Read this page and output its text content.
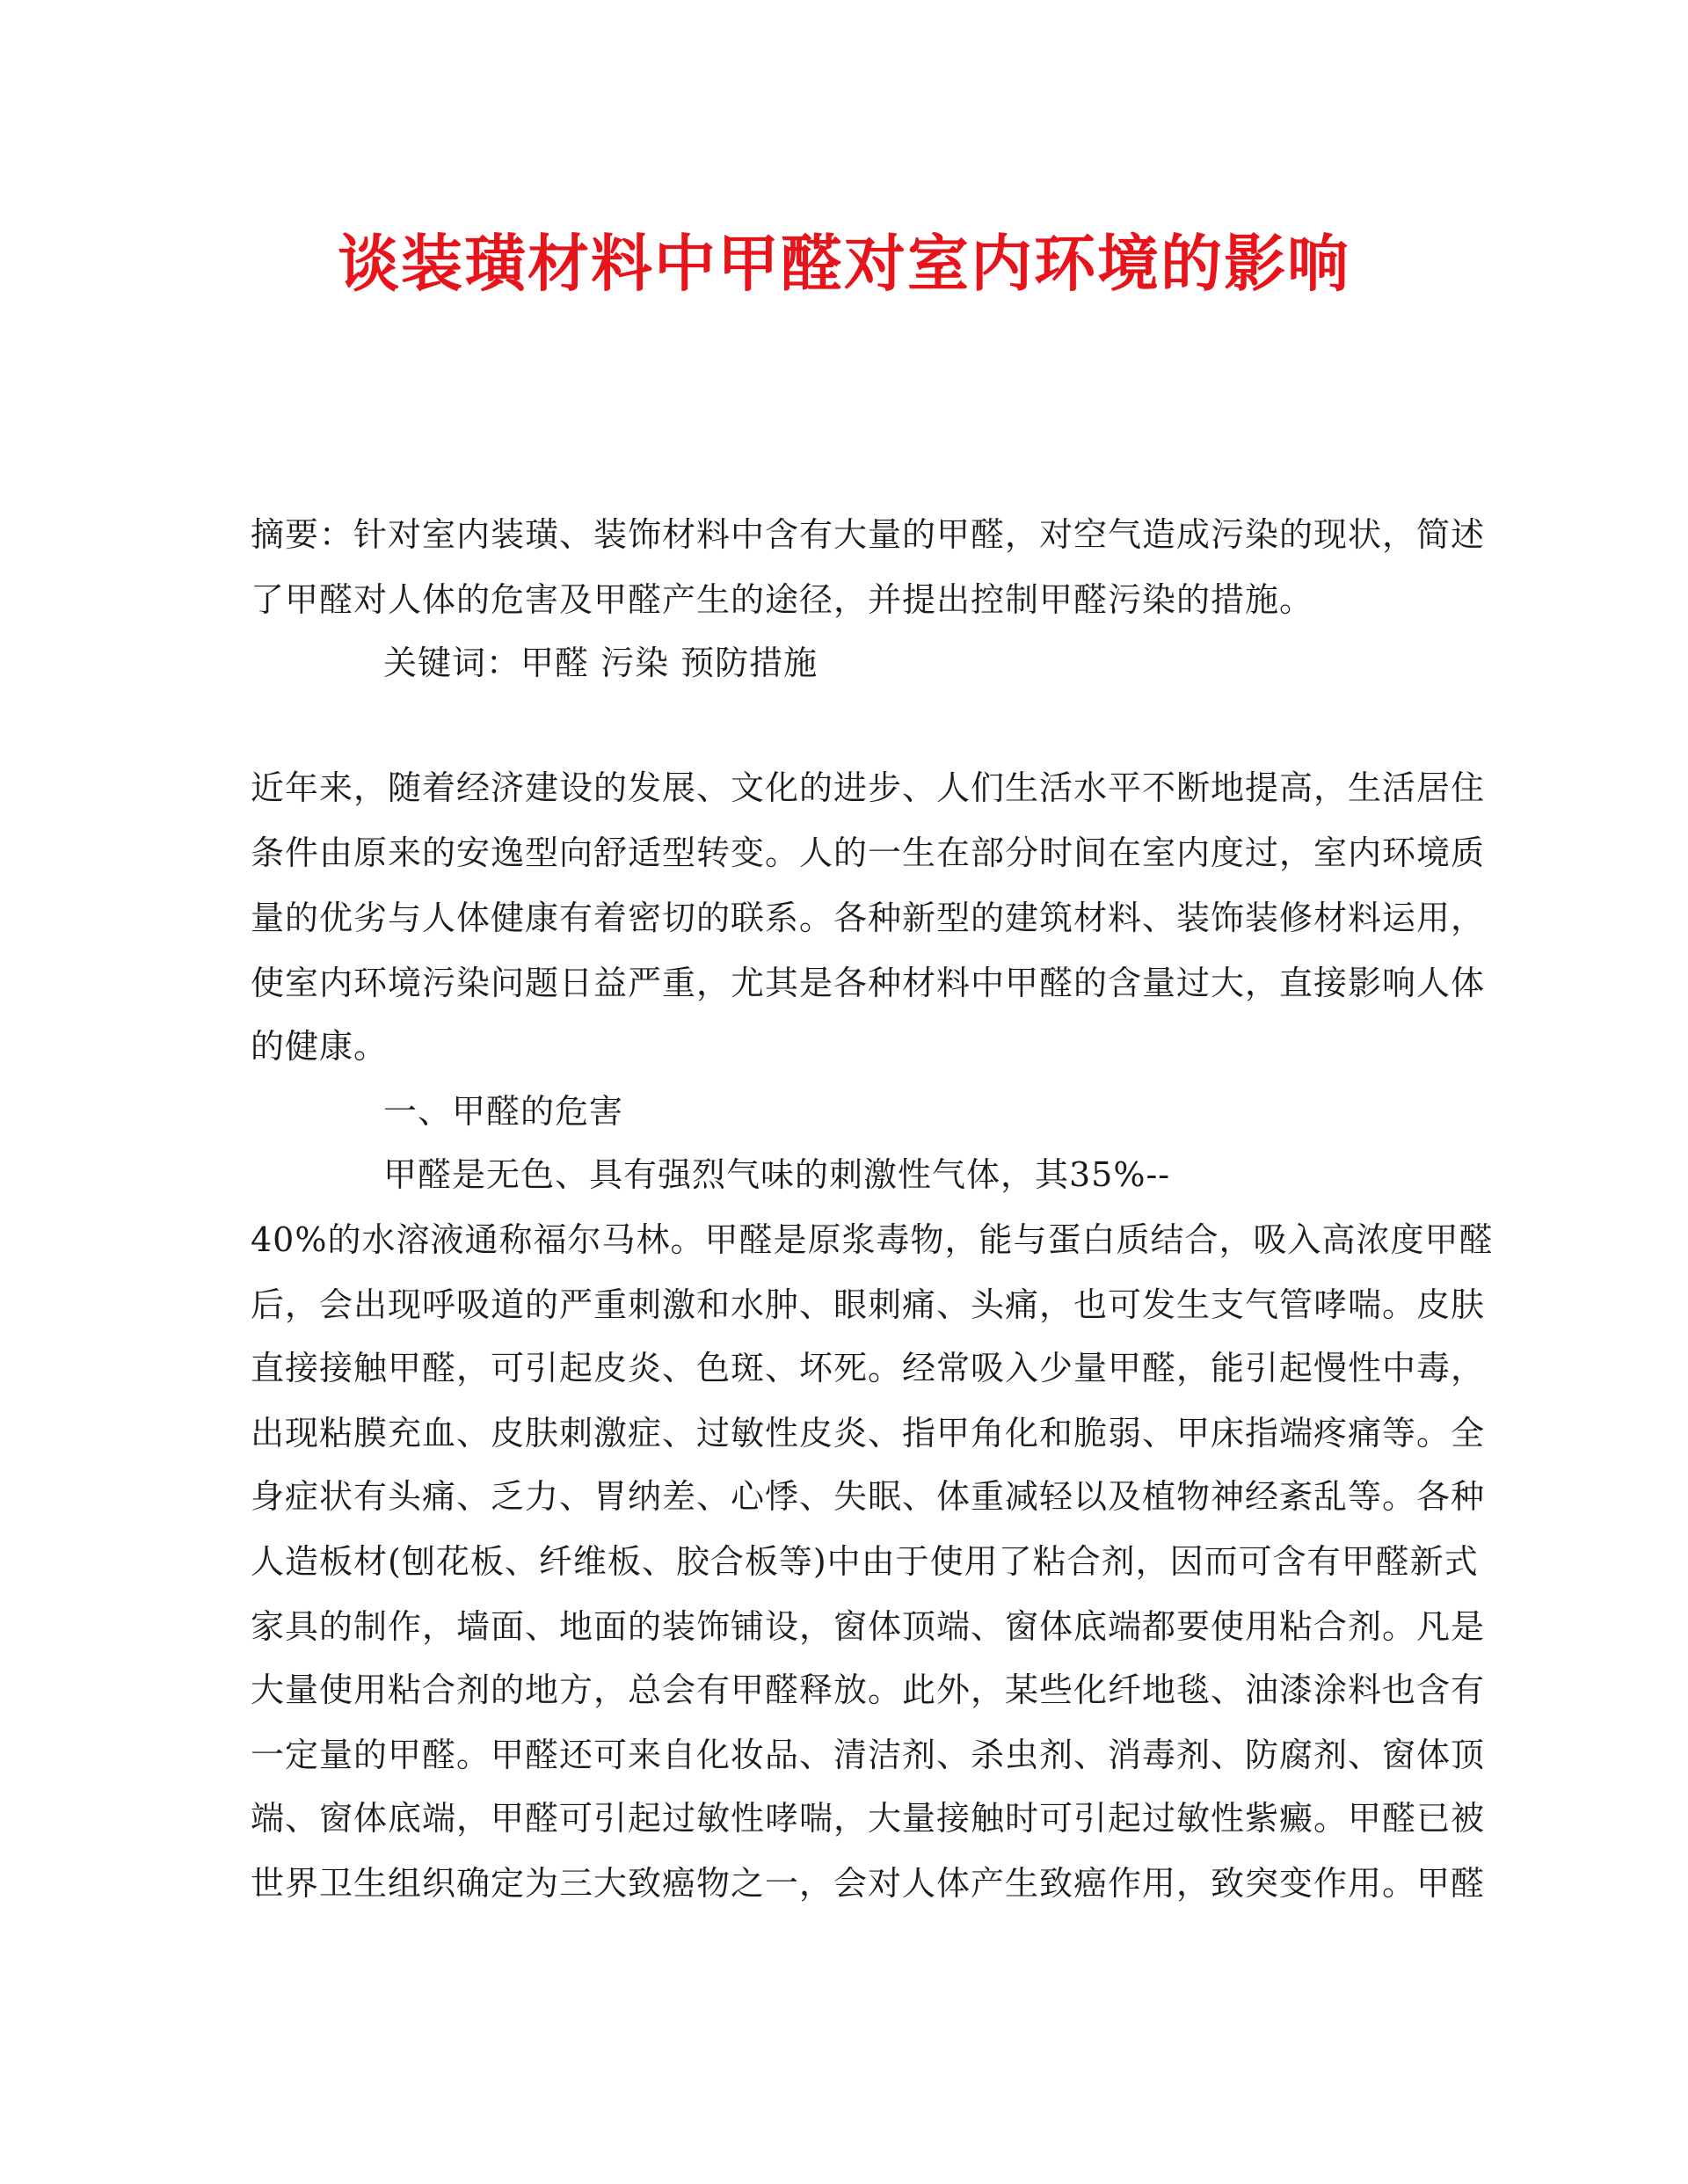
谈装璜材料中甲醛对室内环境的影响
摘要：针对室内装璜、装饰材料中含有大量的甲醛，对空气造成污染的现状，简述
了甲醛对人体的危害及甲醛产生的途径，并提出控制甲醛污染的措施。
关键词：甲醛 污染 预防措施
近年来，随着经济建设的发展、文化的进步、人们生活水平不断地提高，生活居住
条件由原来的安逸型向舒适型转变。人的一生在部分时间在室内度过，室内环境质
量的优劣与人体健康有着密切的联系。各种新型的建筑材料、装饰装修材料运用，
使室内环境污染问题日益严重，尤其是各种材料中甲醛的含量过大，直接影响人体
的健康。
一、甲醛的危害
甲醛是无色、具有强烈气味的刺激性气体，其35%--
40%的水溶液通称福尔马林。甲醛是原浆毒物，能与蛋白质结合，吸入高浓度甲醛
后，会出现呼吸道的严重刺激和水肿、眼刺痛、头痛，也可发生支气管哮喘。皮肤
直接接触甲醛，可引起皮炎、色斑、坏死。经常吸入少量甲醛，能引起慢性中毒，
出现粘膜充血、皮肤刺激症、过敏性皮炎、指甲角化和脆弱、甲床指端疼痛等。全
身症状有头痛、乏力、胃纳差、心悸、失眠、体重减轻以及植物神经紊乱等。各种
人造板材(刨花板、纤维板、胶合板等)中由于使用了粘合剂，因而可含有甲醛新式
家具的制作，墙面、地面的装饰铺设，窗体顶端、窗体底端都要使用粘合剂。凡是
大量使用粘合剂的地方，总会有甲醛释放。此外，某些化纤地毯、油漆涂料也含有
一定量的甲醛。甲醛还可来自化妆品、清洁剂、杀虫剂、消毒剂、防腐剂、窗体顶
端、窗体底端，甲醛可引起过敏性哮喘，大量接触时可引起过敏性紫癜。甲醛已被
世界卫生组织确定为三大致癌物之一，会对人体产生致癌作用，致突变作用。甲醛
